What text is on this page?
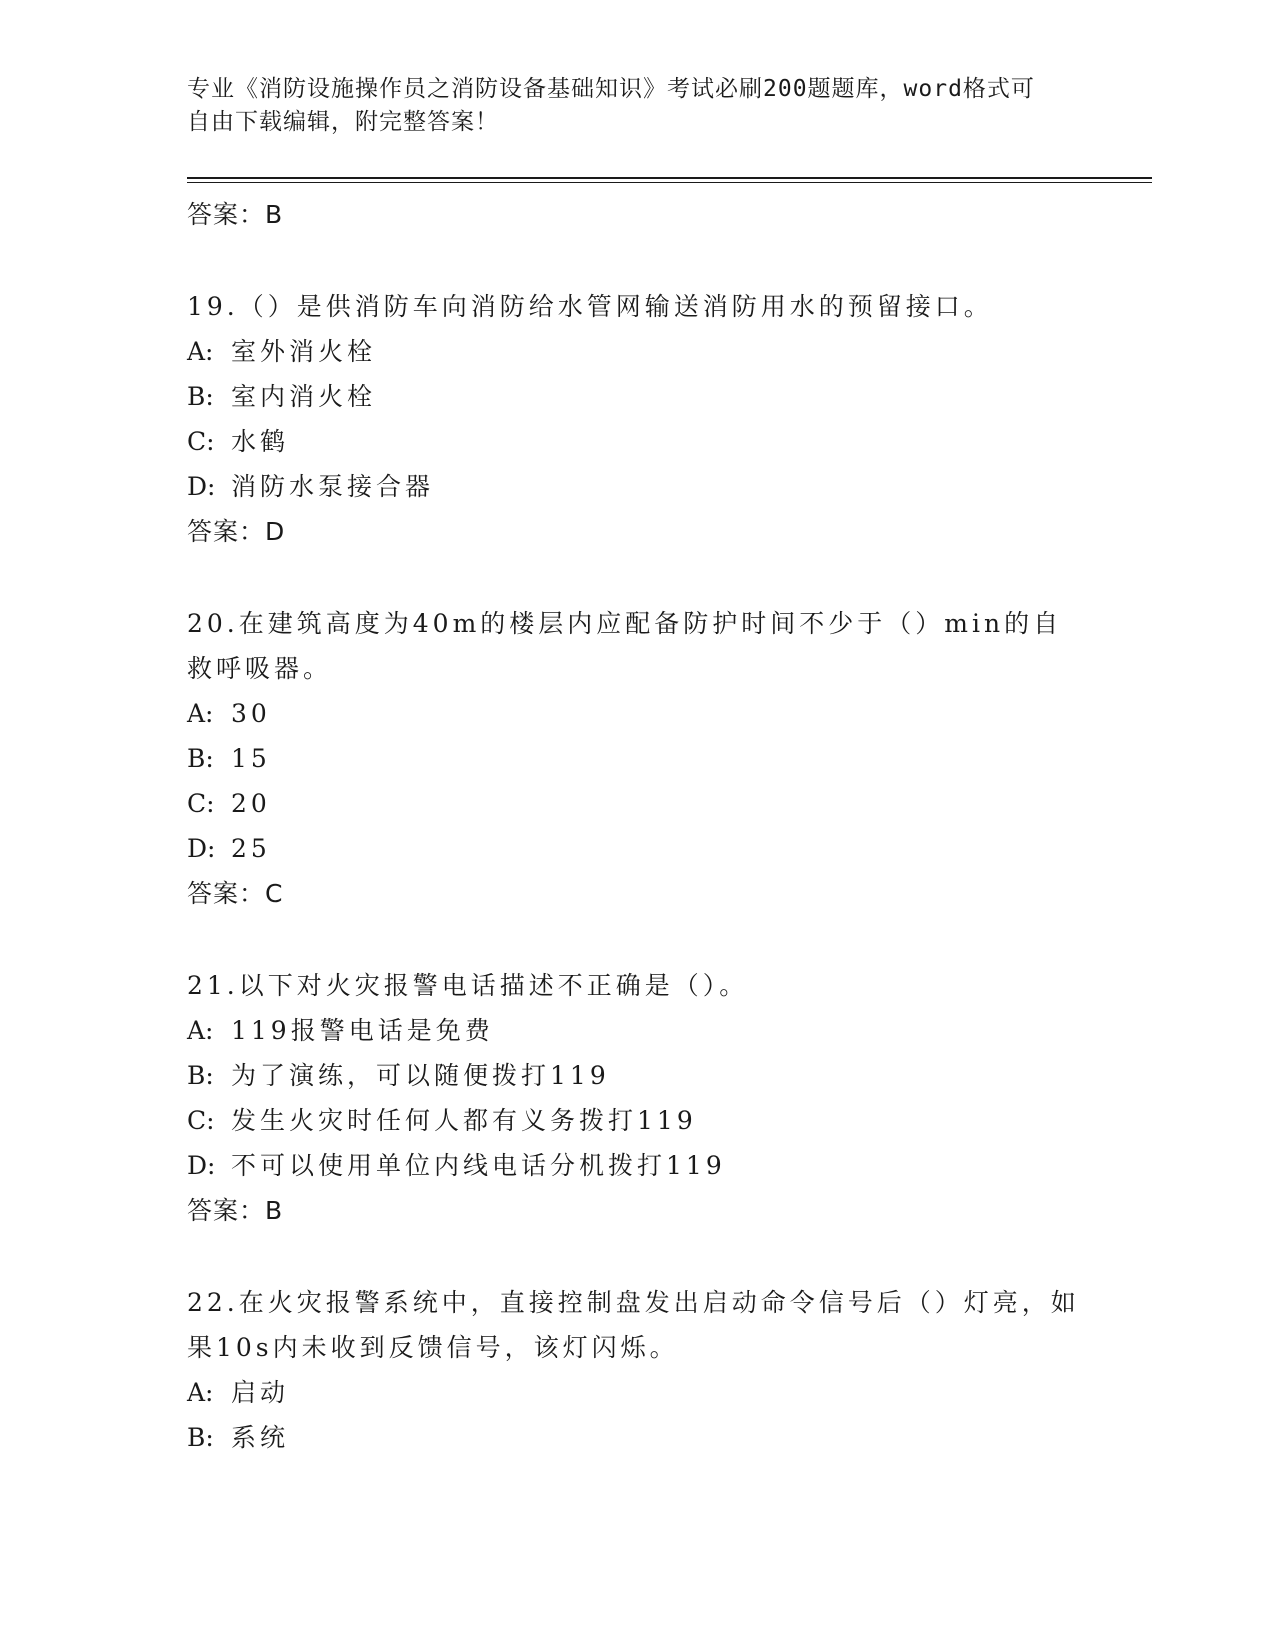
专业《消防设施操作员之消防设备基础知识》考试必刷200题题库，word格式可
自由下载编辑，附完整答案！
答案：B
19.（）是供消防车向消防给水管网输送消防用水的预留接口。
A: 室外消火栓
B: 室内消火栓
C: 水鹤
D: 消防水泵接合器
答案：D
20.在建筑高度为40m的楼层内应配备防护时间不少于（）min的自救呼吸器。
A: 30
B: 15
C: 20
D: 25
答案：C
21.以下对火灾报警电话描述不正确是（）。
A: 119报警电话是免费
B: 为了演练，可以随便拨打119
C: 发生火灾时任何人都有义务拨打119
D: 不可以使用单位内线电话分机拨打119
答案：B
22.在火灾报警系统中，直接控制盘发出启动命令信号后（）灯亮，如果10s内未收到反馈信号，该灯闪烁。
A: 启动
B: 系统
